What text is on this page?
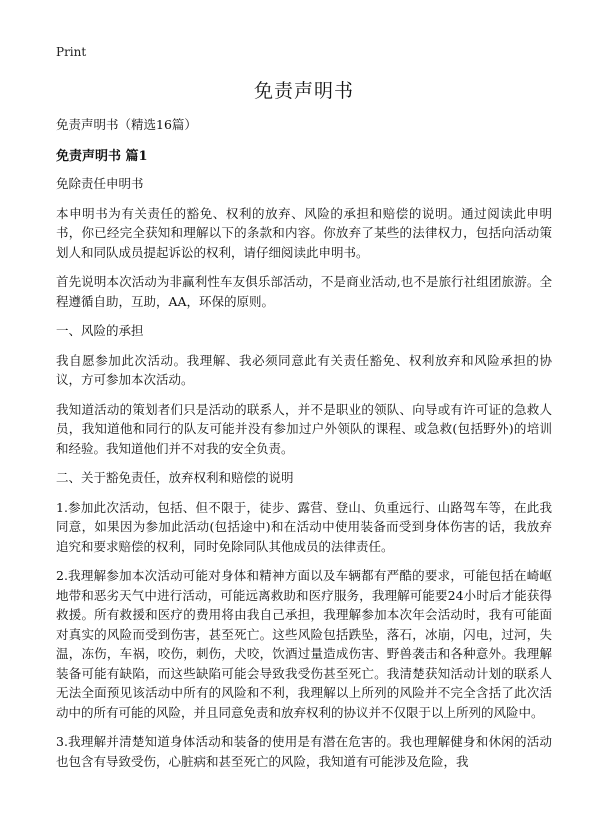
Print
免责声明书

免责声明书（精选16篇）

免责声明书 篇1

免除责任申明书

本申明书为有关责任的豁免、权利的放弃、风险的承担和赔偿的说明。通过阅读此申明书，你已经完全获知和理解以下的条款和内容。你放弃了某些的法律权力，包括向活动策划人和同队成员提起诉讼的权利，请仔细阅读此申明书。

首先说明本次活动为非赢利性车友俱乐部活动，不是商业活动,也不是旅行社组团旅游。全程遵循自助，互助，AA，环保的原则。

一、风险的承担

我自愿参加此次活动。我理解、我必须同意此有关责任豁免、权利放弃和风险承担的协议，方可参加本次活动。

我知道活动的策划者们只是活动的联系人，并不是职业的领队、向导或有许可证的急救人员，我知道他和同行的队友可能并没有参加过户外领队的课程、或急救(包括野外)的培训和经验。我知道他们并不对我的安全负责。

二、关于豁免责任，放弃权利和赔偿的说明

1.参加此次活动，包括、但不限于，徒步、露营、登山、负重远行、山路驾车等，在此我同意，如果因为参加此活动(包括途中)和在活动中使用装备而受到身体伤害的话，我放弃追究和要求赔偿的权利，同时免除同队其他成员的法律责任。

2.我理解参加本次活动可能对身体和精神方面以及车辆都有严酷的要求，可能包括在崎岖地带和恶劣天气中进行活动，可能远离救助和医疗服务，我理解可能要24小时后才能获得救援。所有救援和医疗的费用将由我自己承担，我理解参加本次年会活动时，我有可能面对真实的风险而受到伤害，甚至死亡。这些风险包括跌坠，落石，冰崩，闪电，过河，失温，冻伤，车祸，咬伤，刺伤，犬咬，饮酒过量造成伤害、野兽袭击和各种意外。我理解装备可能有缺陷，而这些缺陷可能会导致我受伤甚至死亡。我清楚获知活动计划的联系人无法全面预见该活动中所有的风险和不利，我理解以上所列的风险并不完全含括了此次活动中的所有可能的风险，并且同意免责和放弃权利的协议并不仅限于以上所列的风险中。

3.我理解并清楚知道身体活动和装备的使用是有潜在危害的。我也理解健身和休闲的活动也包含有导致受伤，心脏病和甚至死亡的风险，我知道有可能涉及危险，我
